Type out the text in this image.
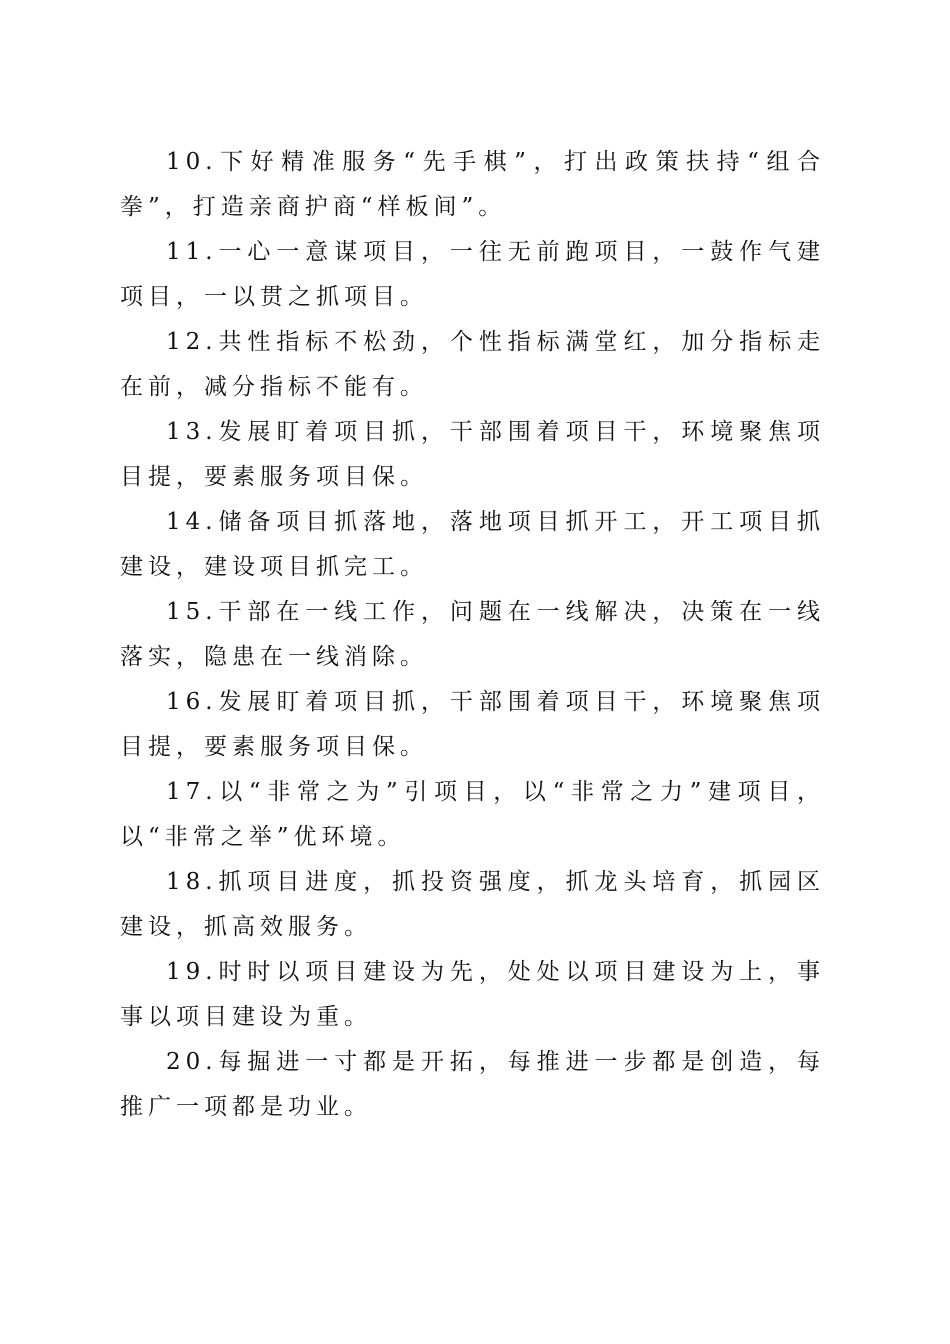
10.下好精准服务“先手棋”，打出政策扶持“组合拳”，打造亲商护商“样板间”。

11.一心一意谋项目，一往无前跑项目，一鼓作气建项目，一以贯之抓项目。

12.共性指标不松劲，个性指标满堂红，加分指标走在前，减分指标不能有。

13.发展盯着项目抓，干部围着项目干，环境聚焦项目提，要素服务项目保。

14.储备项目抓落地，落地项目抓开工，开工项目抓建设，建设项目抓完工。

15.干部在一线工作，问题在一线解决，决策在一线落实，隐患在一线消除。

16.发展盯着项目抓，干部围着项目干，环境聚焦项目提，要素服务项目保。

17.以“非常之为”引项目，以“非常之力”建项目，以“非常之举”优环境。

18.抓项目进度，抓投资强度，抓龙头培育，抓园区建设，抓高效服务。

19.时时以项目建设为先，处处以项目建设为上，事事以项目建设为重。

20.每掘进一寸都是开拓，每推进一步都是创造，每推广一项都是功业。
